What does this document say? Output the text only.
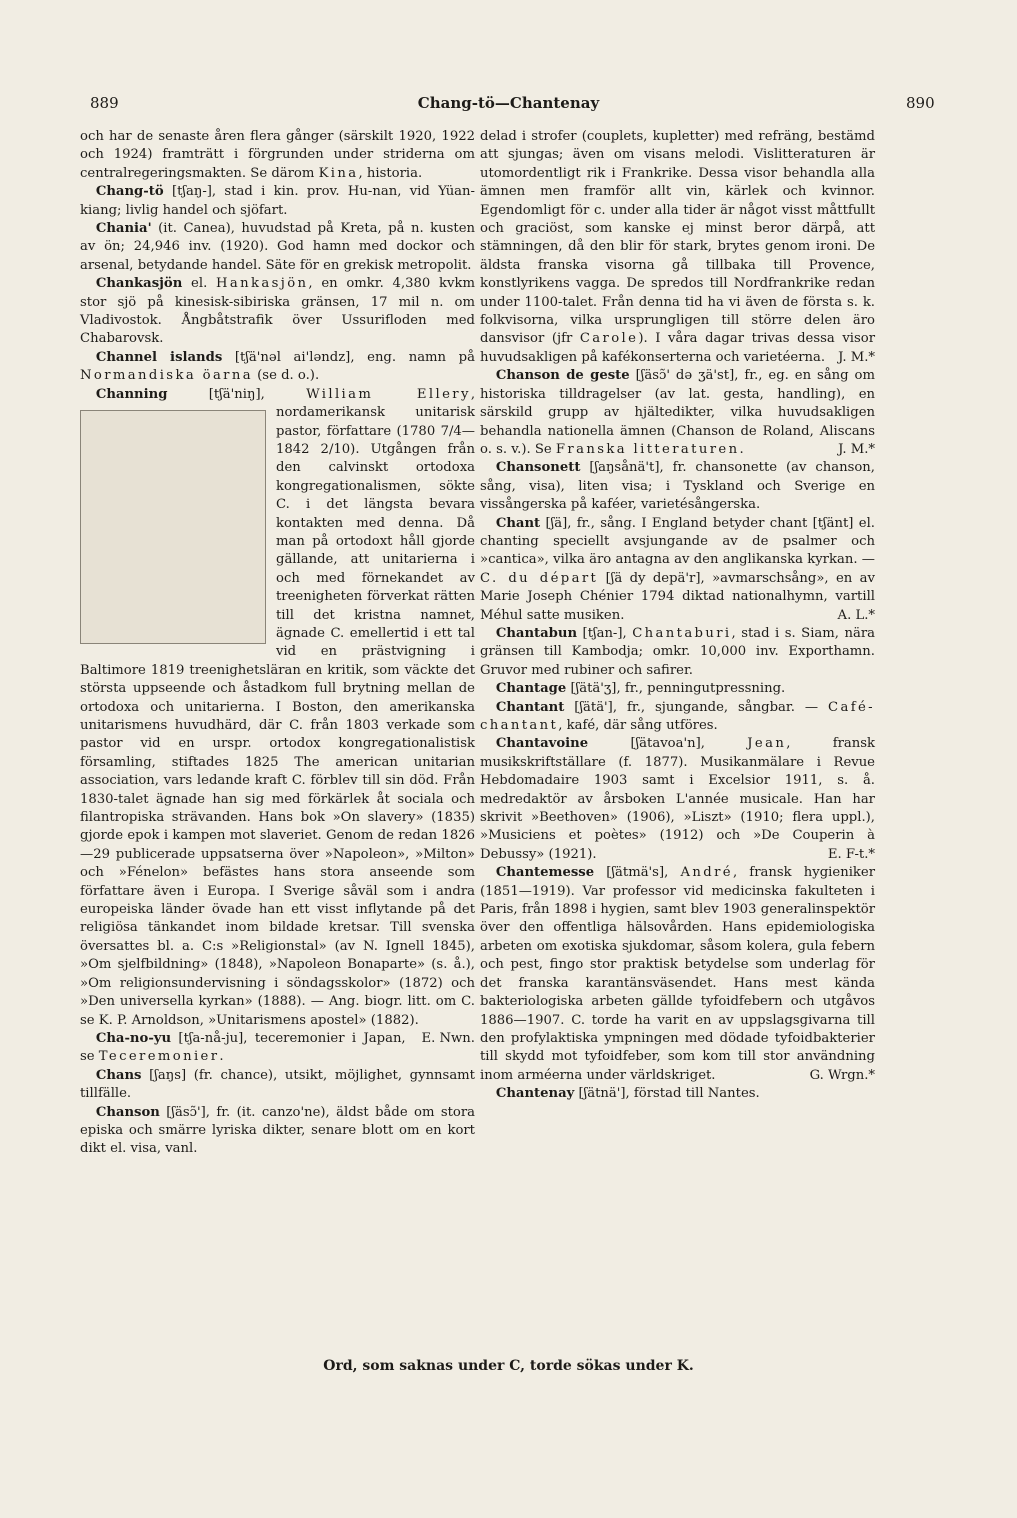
889	Chang-tö—Chantenay	890

och har de senaste åren flera gånger (särskilt 1920, 1922 och 1924) framträtt i förgrunden under striderna om centralregeringsmakten. Se därom Kina, historia.

Chang-tö [tʃaŋ-], stad i kin. prov. Hu-nan, vid Yüan-kiang; livlig handel och sjöfart.

Chania' (it. Canea), huvudstad på Kreta, på n. kusten av ön; 24,946 inv. (1920). God hamn med dockor och arsenal, betydande handel. Säte för en grekisk metropolit.

Chankasjön el. Hankasjön, en omkr. 4,380 kvkm stor sjö på kinesisk-sibiriska gränsen, 17 mil n. om Vladivostok. Ångbåtstrafik över Ussurifloden med Chabarovsk.

Channel islands [tʃä'nəl ai'ləndz], eng. namn på Normandiska öarna (se d. o.).

Channing [tʃä'niŋ], William Ellery
, nordamerikansk unitarisk pastor, författare (1780 7/4—1842 2/10). Utgången från den calvinskt ortodoxa kongregationalismen, sökte C. i det längsta bevara kontakten med denna. Då man på ortodoxt håll gjorde gällande, att unitarierna i och med förnekandet av treenigheten förverkat rätten till det kristna namnet, ägnade C. emellertid i ett tal vid en prästvigning i Baltimore 1819 treenighetsläran en kritik, som väckte det största uppseende och åstadkom full brytning mellan de ortodoxa och unitarierna. I Boston, den amerikanska unitarismens huvudhärd, där C. från 1803 verkade som pastor vid en urspr. ortodox kongregationalistisk församling, stiftades 1825 The american unitarian association, vars ledande kraft C. förblev till sin död. Från 1830-talet ägnade han sig med förkärlek åt sociala och filantropiska strävanden. Hans bok »On slavery» (1835) gjorde epok i kampen mot slaveriet. Genom de redan 1826—29 publicerade uppsatserna över »Napoleon», »Milton» och »Fénelon» befästes hans stora anseende som författare även i Europa. I Sverige såväl som i andra europeiska länder övade han ett visst inflytande på det religiösa tänkandet inom bildade kretsar. Till svenska översattes bl. a. C:s »Religionstal» (av N. Ignell 1845), »Om sjelfbildning» (1848), »Napoleon Bonaparte» (s. å.), »Om religionsundervisning i söndagsskolor» (1872) och »Den universella kyrkan» (1888). — Ang. biogr. litt. om C. se K. P. Arnoldson, »Unitarismens apostel» (1882).
E. Nwn.

Cha-no-yu [tʃa-nå-ju], teceremonier i Japan, se Teceremonier.

Chans [ʃaŋs] (fr. chance), utsikt, möjlighet, gynnsamt tillfälle.

Chanson [ʃäsɔ̃'], fr. (it. canzo'ne), äldst både om stora episka och smärre lyriska dikter, senare blott om en kort dikt el. visa, vanl.

delad i strofer (couplets, kupletter) med refräng, bestämd att sjungas; även om visans melodi. Vislitteraturen är utomordentligt rik i Frankrike. Dessa visor behandla alla ämnen men framför allt vin, kärlek och kvinnor. Egendomligt för c. under alla tider är något visst måttfullt och graciöst, som kanske ej minst beror därpå, att stämningen, då den blir för stark, brytes genom ironi. De äldsta franska visorna gå tillbaka till Provence, konstlyrikens vagga. De spredos till Nordfrankrike redan under 1100-talet. Från denna tid ha vi även de första s. k. folkvisorna, vilka ursprungligen till större delen äro dansvisor (jfr Carole). I våra dagar trivas dessa visor huvudsakligen på kafékonserterna och varietéerna. J. M.*

Chanson de geste [ʃäsɔ̃' də ʒä'st], fr., eg. en sång om historiska tilldragelser (av lat. gesta, handling), en särskild grupp av hjältedikter, vilka huvudsakligen behandla nationella ämnen (Chanson de Roland, Aliscans o. s. v.). Se Franska litteraturen.	J. M.*

Chansonett [ʃaŋsånä't], fr. chansonette (av chanson, sång, visa), liten visa; i Tyskland och Sverige en vissångerska på kaféer, varietésångerska.

Chant [ʃä], fr., sång. I England betyder chant [tʃänt] el. chanting speciellt avsjungande av de psalmer och »cantica», vilka äro antagna av den anglikanska kyrkan. — C. du départ [ʃä dy depä'r], »avmarschsång», en av Marie Joseph Chénier 1794 diktad nationalhymn, vartill Méhul satte musiken.	A. L.*

Chantabun [tʃan-], Chantaburi, stad i s. Siam, nära gränsen till Kambodja; omkr. 10,000 inv. Exporthamn. Gruvor med rubiner och safirer.

Chantage [ʃätä'ʒ], fr., penningutpressning.

Chantant [ʃätä'], fr., sjungande, sångbar. — Café-chantant, kafé, där sång utföres.

Chantavoine [ʃätavoa'n], Jean, fransk musikskriftställare (f. 1877). Musikanmälare i Revue Hebdomadaire 1903 samt i Excelsior 1911, s. å. medredaktör av årsboken L'année musicale. Han har skrivit »Beethoven» (1906), »Liszt» (1910; flera uppl.), »Musiciens et poètes» (1912) och »De Couperin à Debussy» (1921).	E. F-t.*

Chantemesse [ʃätmä's], André, fransk hygieniker (1851—1919). Var professor vid medicinska fakulteten i Paris, från 1898 i hygien, samt blev 1903 generalinspektör över den offentliga hälsovården. Hans epidemiologiska arbeten om exotiska sjukdomar, såsom kolera, gula febern och pest, fingo stor praktisk betydelse som underlag för det franska karantänsväsendet. Hans mest kända bakteriologiska arbeten gällde tyfoidfebern och utgåvos 1886—1907. C. torde ha varit en av uppslagsgivarna till den profylaktiska ympningen med dödade tyfoidbakterier till skydd mot tyfoidfeber, som kom till stor användning inom arméerna under världskriget.	G. Wrgn.*

Chantenay [ʃätnä'], förstad till Nantes.

Ord, som saknas under C, torde sökas under K.
